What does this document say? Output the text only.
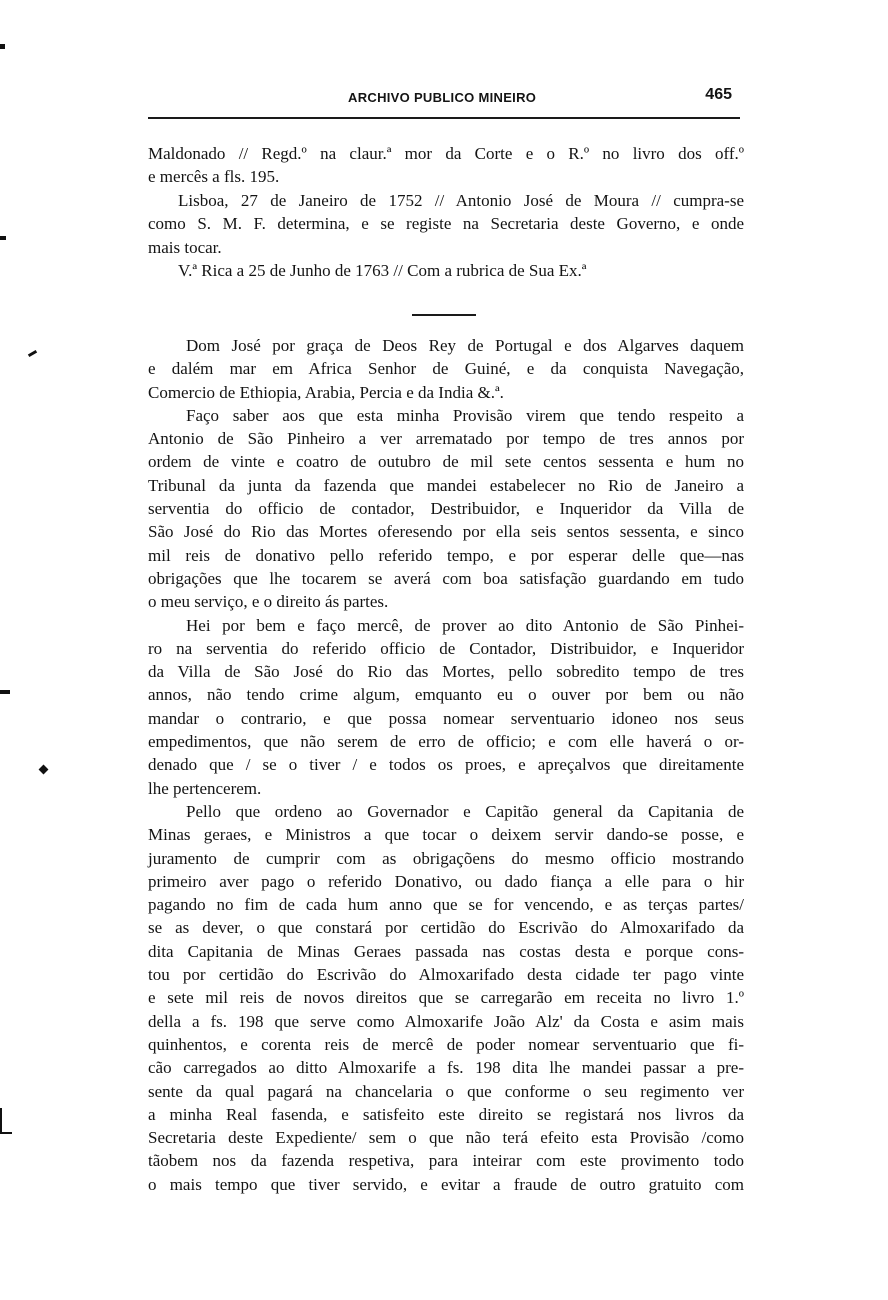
ARCHIVO PUBLICO MINEIRO	465
Maldonado // Regd.º na claur.ª mor da Corte e o R.º no livro dos off.º
e mercês a fls. 195.
Lisboa, 27 de Janeiro de 1752 // Antonio José de Moura // cumpra-se
como S. M. F. determina, e se registe na Secretaria deste Governo, e onde
mais tocar.
V.ª Rica a 25 de Junho de 1763 // Com a rubrica de Sua Ex.ª
Dom José por graça de Deos Rey de Portugal e dos Algarves daquem
e dalém mar em Africa Senhor de Guiné, e da conquista Navegação,
Comercio de Ethiopia, Arabia, Percia e da India &.ª.
Faço saber aos que esta minha Provisão virem que tendo respeito a
Antonio de São Pinheiro a ver arrematado por tempo de tres annos por
ordem de vinte e coatro de outubro de mil sete centos sessenta e hum no
Tribunal da junta da fazenda que mandei estabelecer no Rio de Janeiro a
serventia do officio de contador, Destribuidor, e Inqueridor da Villa de
São José do Rio das Mortes oferesendo por ella seis sentos sessenta, e sinco
mil reis de donativo pello referido tempo, e por esperar delle que—nas
obrigações que lhe tocarem se averá com boa satisfação guardando em tudo
o meu serviço, e o direito ás partes.
Hei por bem e faço mercê, de prover ao dito Antonio de São Pinhei-
ro na serventia do referido officio de Contador, Distribuidor, e Inqueridor
da Villa de São José do Rio das Mortes, pello sobredito tempo de tres
annos, não tendo crime algum, emquanto eu o ouver por bem ou não
mandar o contrario, e que possa nomear serventuario idoneo nos seus
empedimentos, que não serem de erro de officio; e com elle haverá o or-
denado que / se o tiver / e todos os proes, e apreçalvos que direitamente
lhe pertencerem.
Pello que ordeno ao Governador e Capitão general da Capitania de
Minas geraes, e Ministros a que tocar o deixem servir dando-se posse, e
juramento de cumprir com as obrigaçõens do mesmo officio mostrando
primeiro aver pago o referido Donativo, ou dado fiança a elle para o hir
pagando no fim de cada hum anno que se for vencendo, e as terças partes/
se as dever, o que constará por certidão do Escrivão do Almoxarifado da
dita Capitania de Minas Geraes passada nas costas desta e porque cons-
tou por certidão do Escrivão do Almoxarifado desta cidade ter pago vinte
e sete mil reis de novos direitos que se carregarão em receita no livro 1.º
della a fs. 198 que serve como Almoxarife João Alz' da Costa e asim mais
quinhentos, e corenta reis de mercê de poder nomear serventuario que fi-
cão carregados ao ditto Almoxarife a fs. 198 dita lhe mandei passar a pre-
sente da qual pagará na chancelaria o que conforme o seu regimento ver
a minha Real fasenda, e satisfeito este direito se registará nos livros da
Secretaria deste Expediente/ sem o que não terá efeito esta Provisão /como
tãobem nos da fazenda respetiva, para inteirar com este provimento todo
o mais tempo que tiver servido, e evitar a fraude de outro gratuito com
